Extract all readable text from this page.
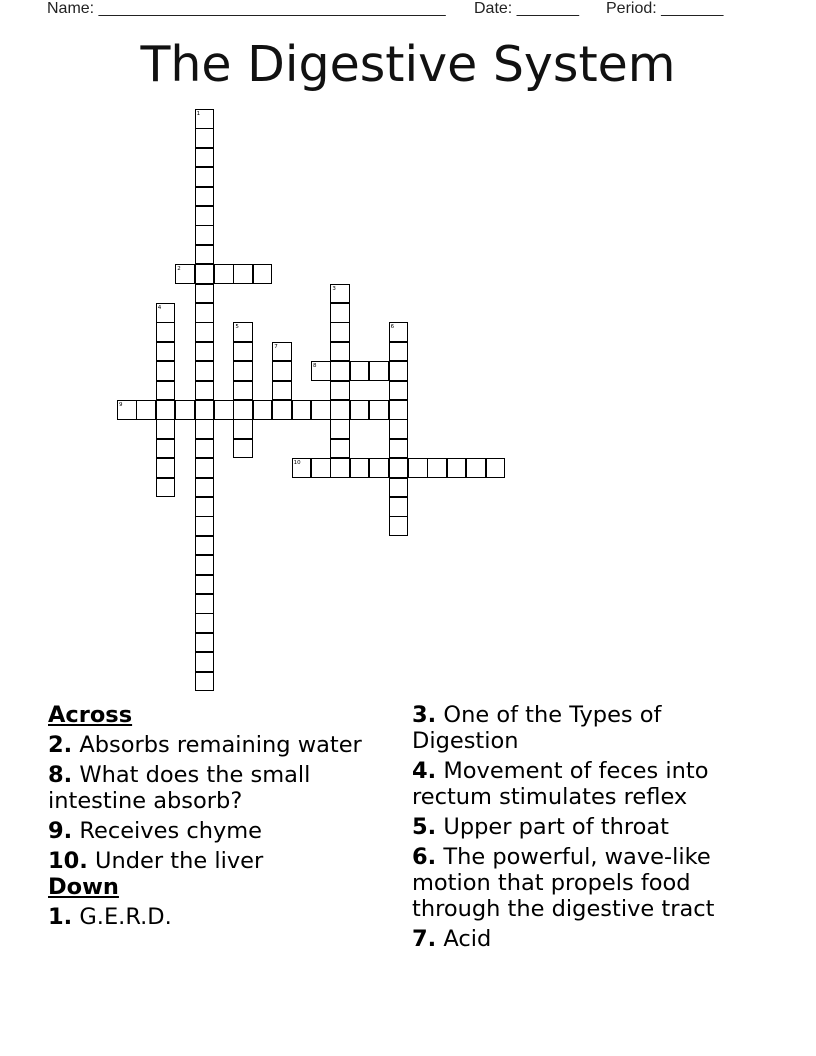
Name: _______________________________________ Date: _______ Period: _______
The Digestive System
1
2
3
4
5	6
7
8
9
10
Across
2. Absorbs remaining water
8. What does the small intestine absorb?
9. Receives chyme
10. Under the liver
Down
1. G.E.R.D.
3. One of the Types of Digestion
4. Movement of feces into rectum stimulates reflex
5. Upper part of throat
6. The powerful, wave-like motion that propels food through the digestive tract
7. Acid
